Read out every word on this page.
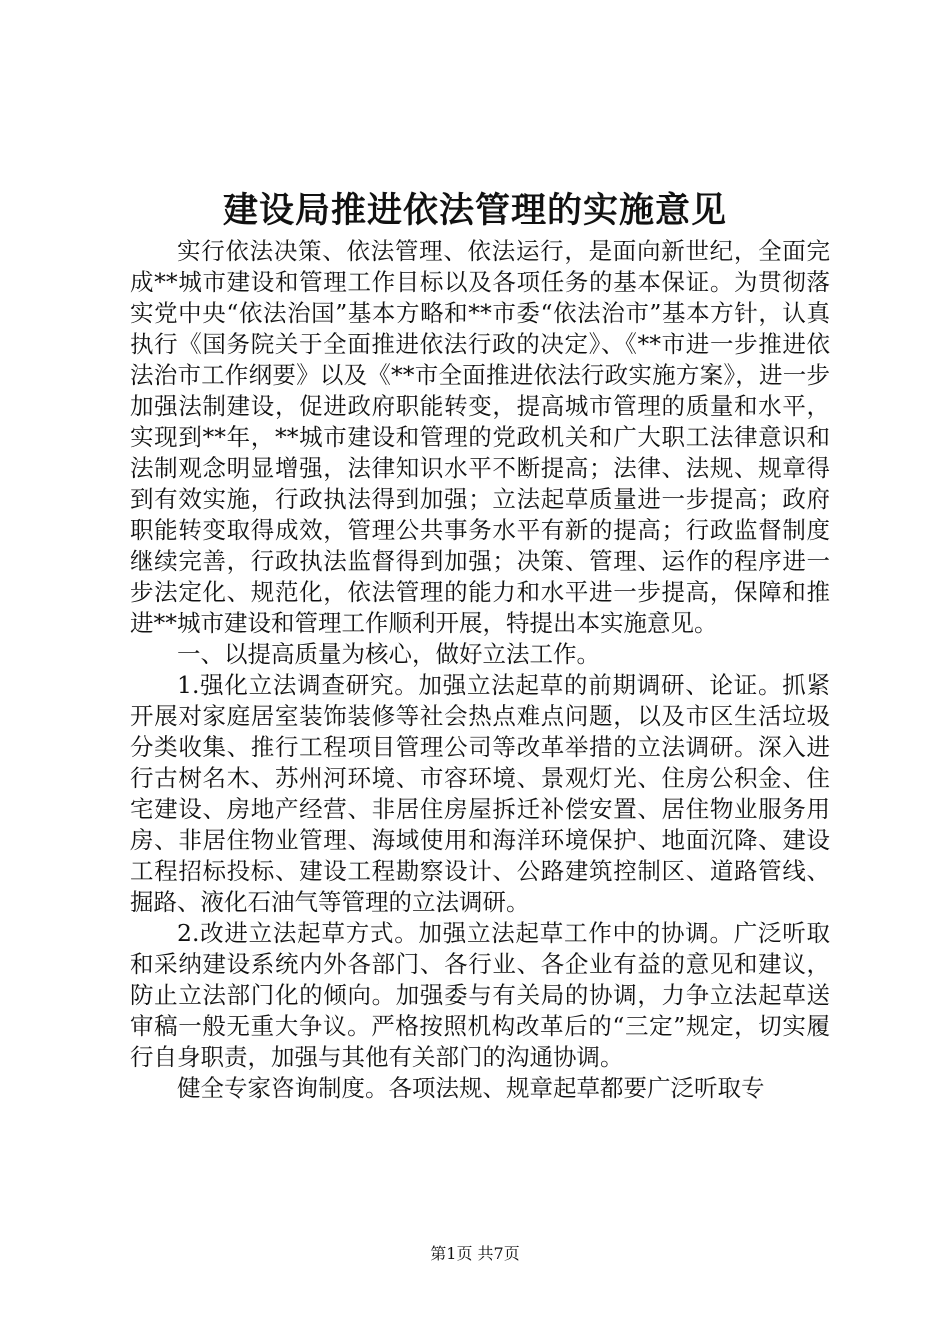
建设局推进依法管理的实施意见

实行依法决策、依法管理、依法运行，是面向新世纪，全面完成**城市建设和管理工作目标以及各项任务的基本保证。为贯彻落实党中央“依法治国”基本方略和**市委“依法治市”基本方针，认真执行《国务院关于全面推进依法行政的决定》、《**市进一步推进依法治市工作纲要》以及《**市全面推进依法行政实施方案》，进一步加强法制建设，促进政府职能转变，提高城市管理的质量和水平，实现到**年，**城市建设和管理的党政机关和广大职工法律意识和法制观念明显增强，法律知识水平不断提高；法律、法规、规章得到有效实施，行政执法得到加强；立法起草质量进一步提高；政府职能转变取得成效，管理公共事务水平有新的提高；行政监督制度继续完善，行政执法监督得到加强；决策、管理、运作的程序进一步法定化、规范化，依法管理的能力和水平进一步提高，保障和推进**城市建设和管理工作顺利开展，特提出本实施意见。

一、以提高质量为核心，做好立法工作。

1.强化立法调查研究。加强立法起草的前期调研、论证。抓紧开展对家庭居室装饰装修等社会热点难点问题，以及市区生活垃圾分类收集、推行工程项目管理公司等改革举措的立法调研。深入进行古树名木、苏州河环境、市容环境、景观灯光、住房公积金、住宅建设、房地产经营、非居住房屋拆迁补偿安置、居住物业服务用房、非居住物业管理、海域使用和海洋环境保护、地面沉降、建设工程招标投标、建设工程勘察设计、公路建筑控制区、道路管线、掘路、液化石油气等管理的立法调研。

2.改进立法起草方式。加强立法起草工作中的协调。广泛听取和采纳建设系统内外各部门、各行业、各企业有益的意见和建议，防止立法部门化的倾向。加强委与有关局的协调，力争立法起草送审稿一般无重大争议。严格按照机构改革后的“三定”规定，切实履行自身职责，加强与其他有关部门的沟通协调。

健全专家咨询制度。各项法规、规章起草都要广泛听取专

第1页 共7页
